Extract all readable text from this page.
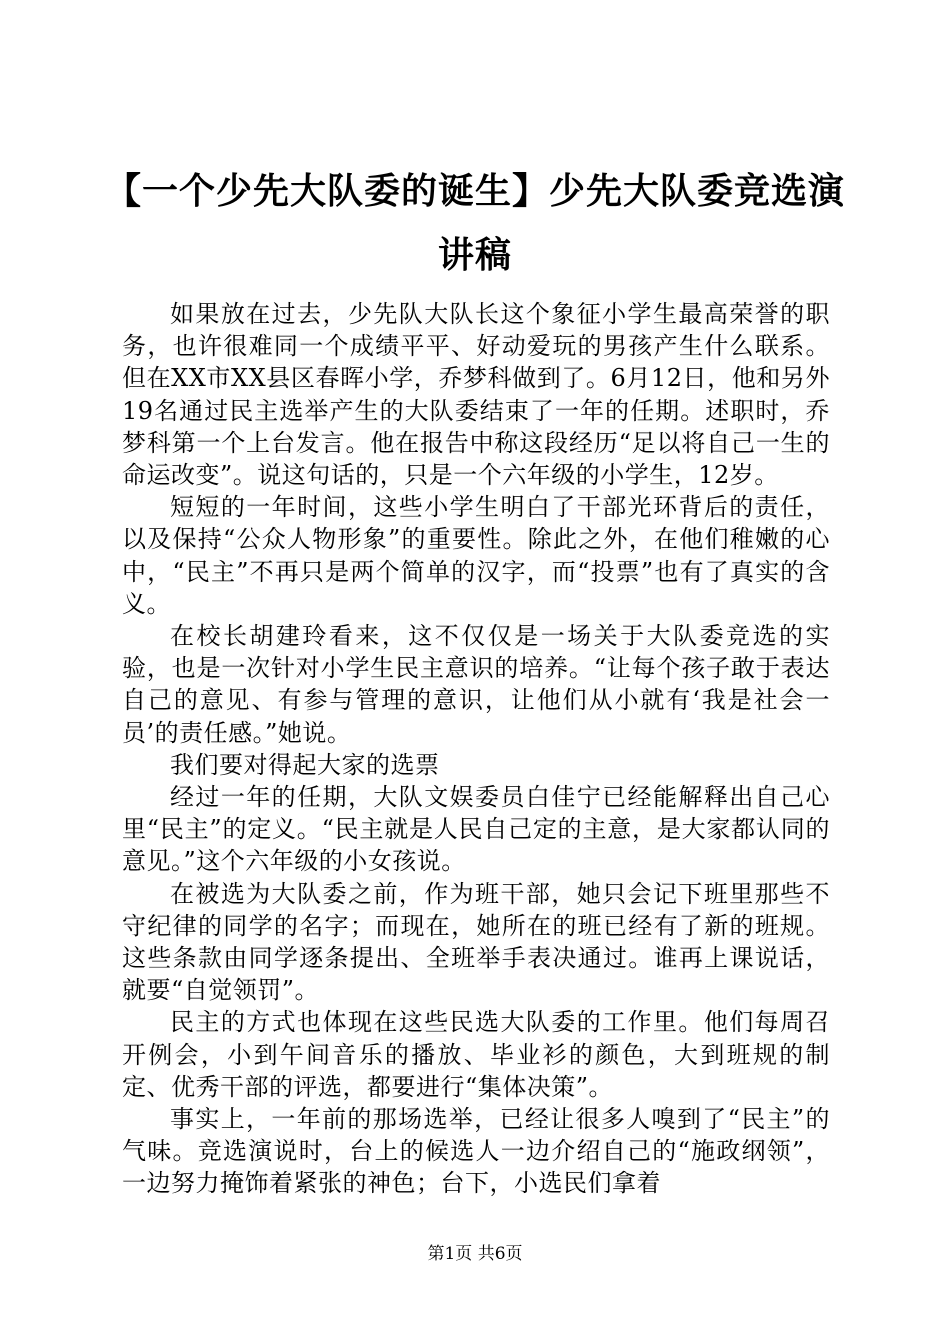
【一个少先大队委的诞生】少先大队委竞选演
讲稿

如果放在过去，少先队大队长这个象征小学生最高荣誉的职务，也许很难同一个成绩平平、好动爱玩的男孩产生什么联系。但在XX市XX县区春晖小学，乔梦科做到了。6月12日，他和另外19名通过民主选举产生的大队委结束了一年的任期。述职时，乔梦科第一个上台发言。他在报告中称这段经历“足以将自己一生的命运改变”。说这句话的，只是一个六年级的小学生，12岁。

短短的一年时间，这些小学生明白了干部光环背后的责任，以及保持“公众人物形象”的重要性。除此之外，在他们稚嫩的心中，“民主”不再只是两个简单的汉字，而“投票”也有了真实的含义。

在校长胡建玲看来，这不仅仅是一场关于大队委竞选的实验，也是一次针对小学生民主意识的培养。“让每个孩子敢于表达自己的意见、有参与管理的意识，让他们从小就有‘我是社会一员’的责任感。”她说。

我们要对得起大家的选票

经过一年的任期，大队文娱委员白佳宁已经能解释出自己心里“民主”的定义。“民主就是人民自己定的主意，是大家都认同的意见。”这个六年级的小女孩说。

在被选为大队委之前，作为班干部，她只会记下班里那些不守纪律的同学的名字；而现在，她所在的班已经有了新的班规。这些条款由同学逐条提出、全班举手表决通过。谁再上课说话，就要“自觉领罚”。

民主的方式也体现在这些民选大队委的工作里。他们每周召开例会，小到午间音乐的播放、毕业衫的颜色，大到班规的制定、优秀干部的评选，都要进行“集体决策”。

事实上，一年前的那场选举，已经让很多人嗅到了“民主”的气味。竞选演说时，台上的候选人一边介绍自己的“施政纲领”，一边努力掩饰着紧张的神色；台下，小选民们拿着

第1页 共6页
